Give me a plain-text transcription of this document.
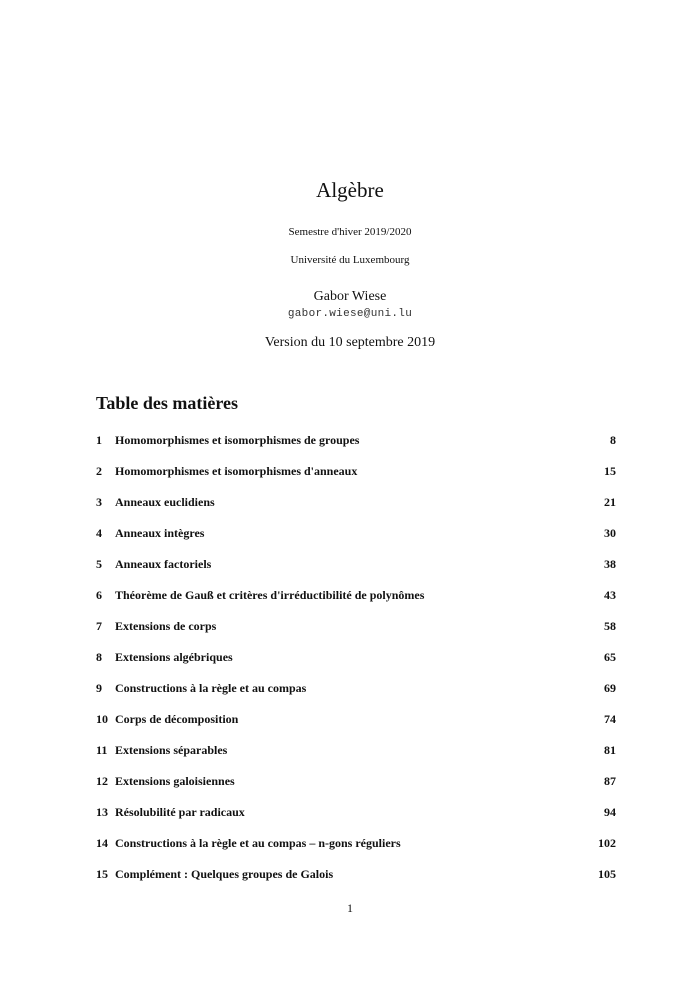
Algèbre
Semestre d'hiver 2019/2020
Université du Luxembourg
Gabor Wiese
gabor.wiese@uni.lu
Version du 10 septembre 2019
Table des matières
1	Homomorphismes et isomorphismes de groupes	8
2	Homomorphismes et isomorphismes d'anneaux	15
3	Anneaux euclidiens	21
4	Anneaux intègres	30
5	Anneaux factoriels	38
6	Théorème de Gauß et critères d'irréductibilité de polynômes	43
7	Extensions de corps	58
8	Extensions algébriques	65
9	Constructions à la règle et au compas	69
10 Corps de décomposition	74
11 Extensions séparables	81
12 Extensions galoisiennes	87
13 Résolubilité par radicaux	94
14 Constructions à la règle et au compas – n-gons réguliers	102
15 Complément : Quelques groupes de Galois	105
1
